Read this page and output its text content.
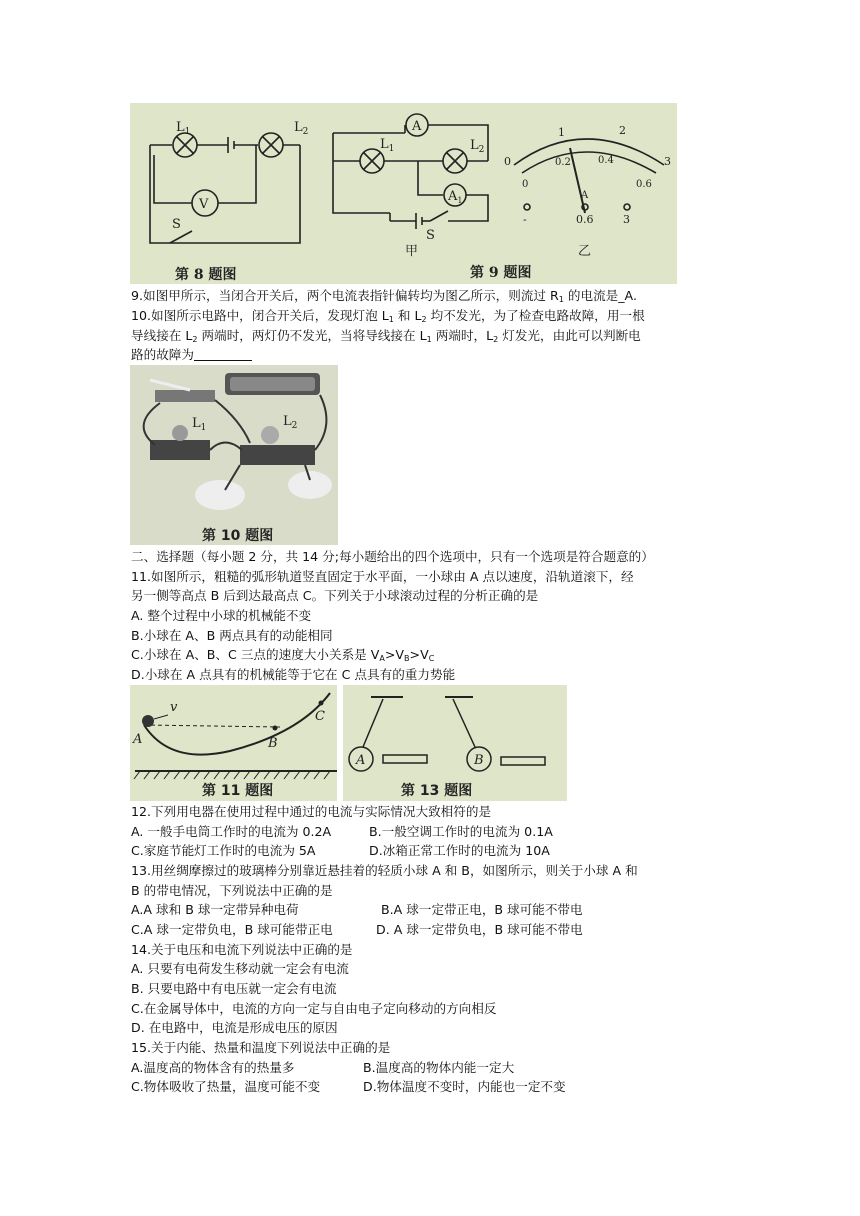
$L_1$	$L_2$
V
S
A
$A_1$
$L_1$	$L_2$
S
甲	乙
0
1	2
3
0
0.2	0.4
0.6
A
-	0.6	3
第 8 题图	第 9 题图
9.如图甲所示，当闭合开关后，两个电流表指针偏转均为图乙所示，则流过 $R_1$ 的电流是_A.
10.如图所示电路中，闭合开关后，发现灯泡 $L_1$ 和 $L_2$ 均不发光，为了检查电路故障，用一根
导线接在 $L_2$ 两端时，两灯仍不发光，当将导线接在 $L_1$ 两端时，$L_2$ 灯发光，由此可以判断电
路的故障为
$L_1$	$L_2$
第 10 题图
二、选择题（每小题 2 分，共 14 分;每小题给出的四个选项中，只有一个选项是符合题意的）
11.如图所示，粗糙的弧形轨道竖直固定于水平面，一小球由 A 点以速度，沿轨道滚下，经
另一侧等高点 B 后到达最高点 C。下列关于小球滚动过程的分析正确的是
A. 整个过程中小球的机械能不变
B.小球在 A、B 两点具有的动能相同
C.小球在 A、B、C 三点的速度大小关系是 $V_A>V_B>V_C$
D.小球在 A 点具有的机械能等于它在 C 点具有的重力势能
A	B
C
v
第 11 题图
A	B
第 13 题图
12.下列用电器在使用过程中通过的电流与实际情况大致相符的是
A. 一般手电筒工作时的电流为 0.2A	B.一般空调工作时的电流为 0.1A
C.家庭节能灯工作时的电流为 5A	D.冰箱正常工作时的电流为 10A
13.用丝绸摩擦过的玻璃棒分别靠近悬挂着的轻质小球 A 和 B，如图所示，则关于小球 A 和
B 的带电情况，下列说法中正确的是
A.A 球和 B 球一定带异种电荷	B.A 球一定带正电，B 球可能不带电
C.A 球一定带负电，B 球可能带正电	D. A 球一定带负电，B 球可能不带电
14.关于电压和电流下列说法中正确的是
A. 只要有电荷发生移动就一定会有电流
B. 只要电路中有电压就一定会有电流
C.在金属导体中，电流的方向一定与自由电子定向移动的方向相反
D. 在电路中，电流是形成电压的原因
15.关于内能、热量和温度下列说法中正确的是
A.温度高的物体含有的热量多	B.温度高的物体内能一定大
C.物体吸收了热量，温度可能不变	D.物体温度不变时，内能也一定不变
